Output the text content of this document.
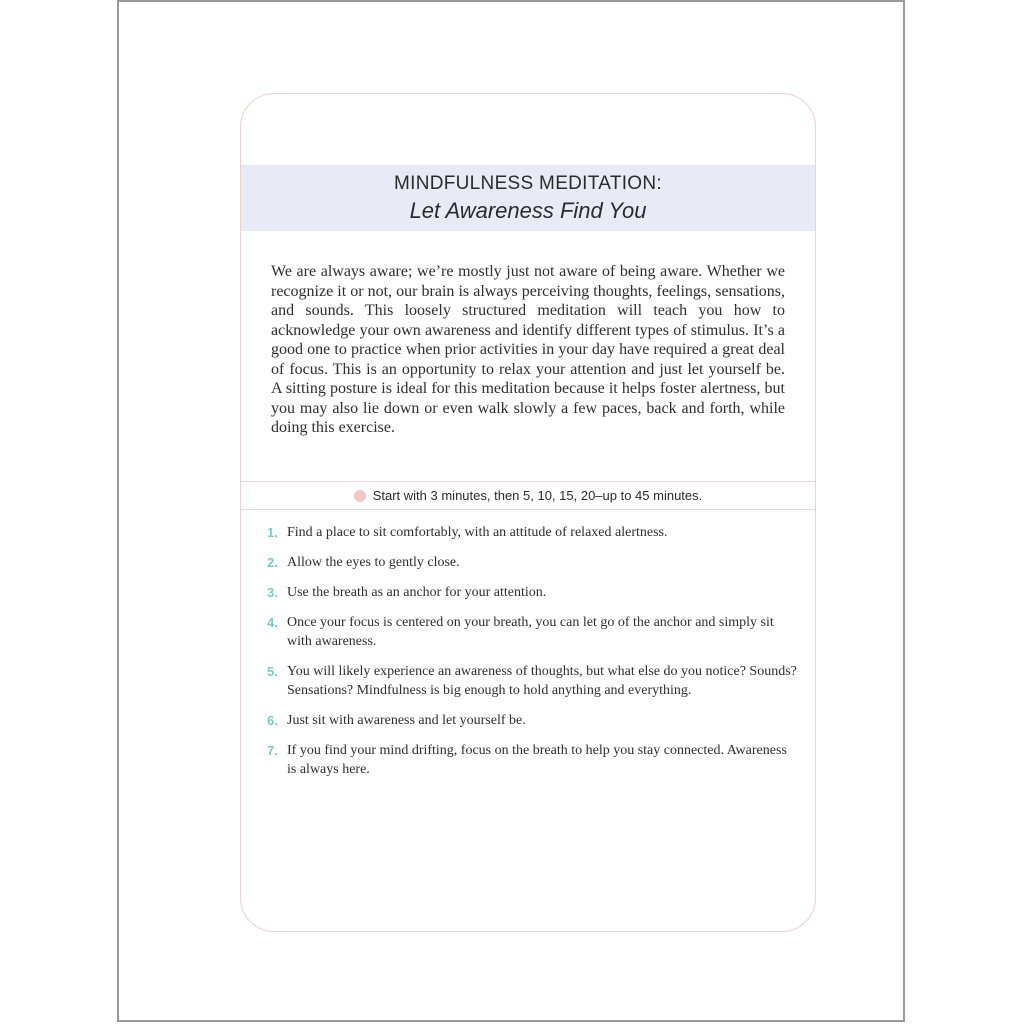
MINDFULNESS MEDITATION:
Let Awareness Find You

We are always aware; we’re mostly just not aware of being aware. Whether we recognize it or not, our brain is always perceiving thoughts, feelings, sensations, and sounds. This loosely structured meditation will teach you how to acknowledge your own awareness and identify different types of stimulus. It’s a good one to practice when prior activities in your day have required a great deal of focus. This is an opportunity to relax your attention and just let yourself be. A sitting posture is ideal for this meditation because it helps foster alertness, but you may also lie down or even walk slowly a few paces, back and forth, while doing this exercise.

Start with 3 minutes, then 5, 10, 15, 20–up to 45 minutes.
1. Find a place to sit comfortably, with an attitude of relaxed alertness.
2. Allow the eyes to gently close.
3. Use the breath as an anchor for your attention.
4. Once your focus is centered on your breath, you can let go of the anchor and simply sit with awareness.
5. You will likely experience an awareness of thoughts, but what else do you notice? Sounds? Sensations? Mindfulness is big enough to hold anything and everything.
6. Just sit with awareness and let yourself be.
7. If you find your mind drifting, focus on the breath to help you stay connected. Awareness is always here.
